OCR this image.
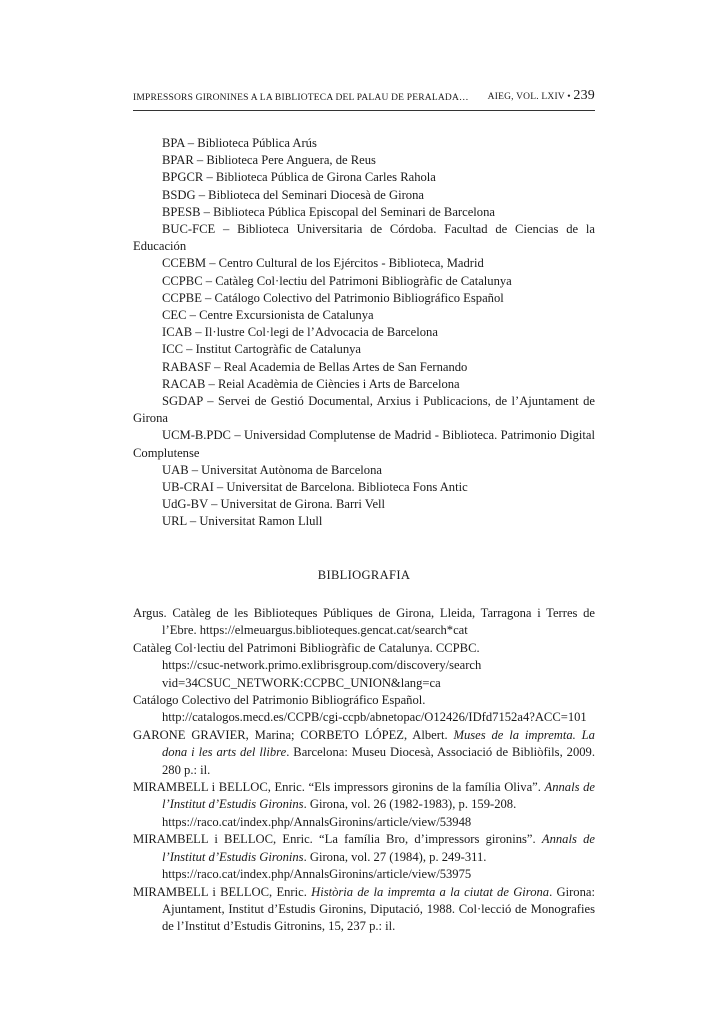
IMPRESSORS GIRONINES A LA BIBLIOTECA DEL PALAU DE PERALADA… AIEG, VOL. LXIV • 239

BPA – Biblioteca Pública Arús

BPAR – Biblioteca Pere Anguera, de Reus

BPGCR – Biblioteca Pública de Girona Carles Rahola

BSDG – Biblioteca del Seminari Diocesà de Girona

BPESB – Biblioteca Pública Episcopal del Seminari de Barcelona

BUC-FCE – Biblioteca Universitaria de Córdoba. Facultad de Ciencias de la Educación

CCEBM – Centro Cultural de los Ejércitos - Biblioteca, Madrid

CCPBC – Catàleg Col·lectiu del Patrimoni Bibliogràfic de Catalunya

CCPBE – Catálogo Colectivo del Patrimonio Bibliográfico Español

CEC – Centre Excursionista de Catalunya

ICAB – Il·lustre Col·legi de l’Advocacia de Barcelona

ICC – Institut Cartogràfic de Catalunya

RABASF – Real Academia de Bellas Artes de San Fernando

RACAB – Reial Acadèmia de Ciències i Arts de Barcelona

SGDAP – Servei de Gestió Documental, Arxius i Publicacions, de l’Ajuntament de Girona

UCM-B.PDC – Universidad Complutense de Madrid - Biblioteca. Patrimonio Digital Complutense

UAB – Universitat Autònoma de Barcelona

UB-CRAI – Universitat de Barcelona. Biblioteca Fons Antic

UdG-BV – Universitat de Girona. Barri Vell

URL – Universitat Ramon Llull

BIBLIOGRAFIA
Argus. Catàleg de les Biblioteques Públiques de Girona, Lleida, Tarragona i Terres de l’Ebre. https://elmeuargus.biblioteques.gencat.cat/search*cat
Catàleg Col·lectiu del Patrimoni Bibliogràfic de Catalunya. CCPBC.
https://csuc-network.primo.exlibrisgroup.com/discovery/search
vid=34CSUC_NETWORK:CCPBC_UNION&lang=ca
Catálogo Colectivo del Patrimonio Bibliográfico Español.
http://catalogos.mecd.es/CCPB/cgi-ccpb/abnetopac/O12426/IDfd7152a4?ACC=101
GARONE GRAVIER, Marina; CORBETO LÓPEZ, Albert. Muses de la impremta. La dona i les arts del llibre. Barcelona: Museu Diocesà, Associació de Bibliòfils, 2009. 280 p.: il.
MIRAMBELL i BELLOC, Enric. “Els impressors gironins de la família Oliva”. Annals de l’Institut d’Estudis Gironins. Girona, vol. 26 (1982-1983), p. 159-208.
https://raco.cat/index.php/AnnalsGironins/article/view/53948
MIRAMBELL i BELLOC, Enric. “La família Bro, d’impressors gironins”. Annals de l’Institut d’Estudis Gironins. Girona, vol. 27 (1984), p. 249-311.
https://raco.cat/index.php/AnnalsGironins/article/view/53975
MIRAMBELL i BELLOC, Enric. Història de la impremta a la ciutat de Girona. Girona: Ajuntament, Institut d’Estudis Gironins, Diputació, 1988. Col·lecció de Monografies de l’Institut d’Estudis Gitronins, 15, 237 p.: il.
